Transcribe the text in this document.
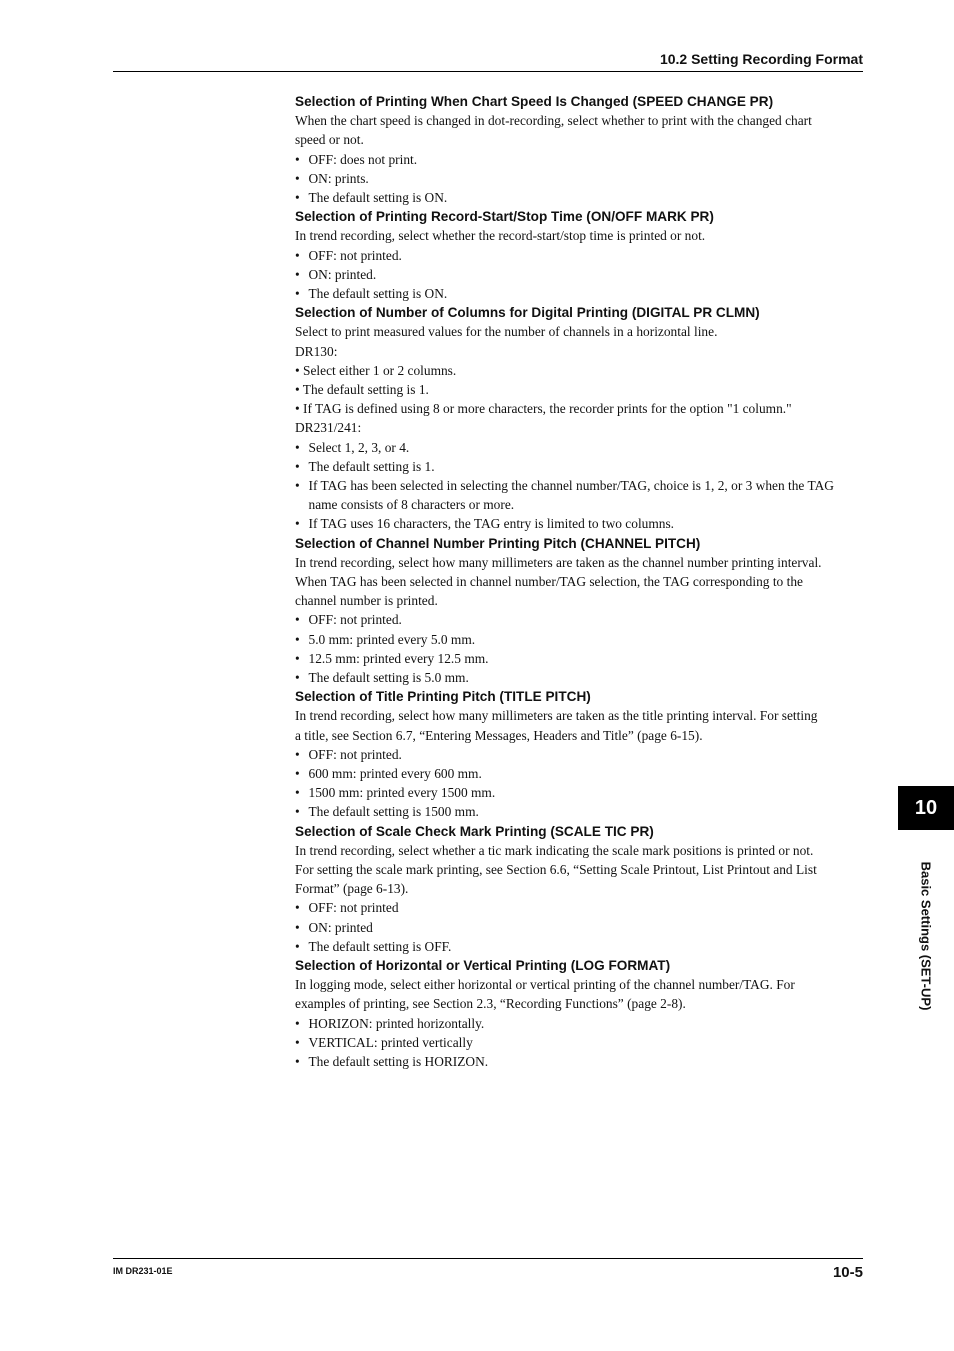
10.2 Setting Recording Format
Selection of Printing When Chart Speed Is Changed (SPEED CHANGE PR)

When the chart speed is changed in dot-recording, select whether to print with the changed chart

speed or not.

• OFF: does not print.
• ON: prints.
• The default setting is ON.
Selection of Printing Record-Start/Stop Time (ON/OFF MARK PR)

In trend recording, select whether the record-start/stop time is printed or not.

• OFF: not printed.
• ON: printed.
• The default setting is ON.
Selection of Number of Columns for Digital Printing (DIGITAL PR CLMN)

Select to print measured values for the number of channels in a horizontal line.

DR130:

• Select either 1 or 2 columns.

• The default setting is 1.

• If TAG is defined using 8 or more characters, the recorder prints for the option "1 column."

DR231/241:

• Select 1, 2, 3, or 4.
• The default setting is 1.
• If TAG has been selected in selecting the channel number/TAG, choice is 1, 2, or 3 when the TAG name consists of 8 characters or more.
• If TAG uses 16 characters, the TAG entry is limited to two columns.
Selection of Channel Number Printing Pitch (CHANNEL PITCH)

In trend recording, select how many millimeters are taken as the channel number printing interval.

When TAG has been selected in channel number/TAG selection, the TAG corresponding to the

channel number is printed.

• OFF: not printed.
• 5.0 mm: printed every 5.0 mm.
• 12.5 mm: printed every 12.5 mm.
• The default setting is 5.0 mm.
Selection of Title Printing Pitch (TITLE PITCH)

In trend recording, select how many millimeters are taken as the title printing interval. For setting

a title, see Section 6.7, “Entering Messages, Headers and Title” (page 6-15).

• OFF: not printed.
• 600 mm: printed every 600 mm.
• 1500 mm: printed every 1500 mm.
• The default setting is 1500 mm.
Selection of Scale Check Mark Printing (SCALE TIC PR)

In trend recording, select whether a tic mark indicating the scale mark positions is printed or not.

For setting the scale mark printing, see Section 6.6, “Setting Scale Printout, List Printout and List

Format” (page 6-13).

• OFF: not printed
• ON: printed
• The default setting is OFF.
Selection of Horizontal or Vertical Printing (LOG FORMAT)

In logging mode, select either horizontal or vertical printing of the channel number/TAG. For

examples of printing, see Section 2.3, “Recording Functions” (page 2-8).

• HORIZON: printed horizontally.
• VERTICAL: printed vertically
• The default setting is HORIZON.
10
Basic Settings (SET-UP)
IM DR231-01E	10-5
